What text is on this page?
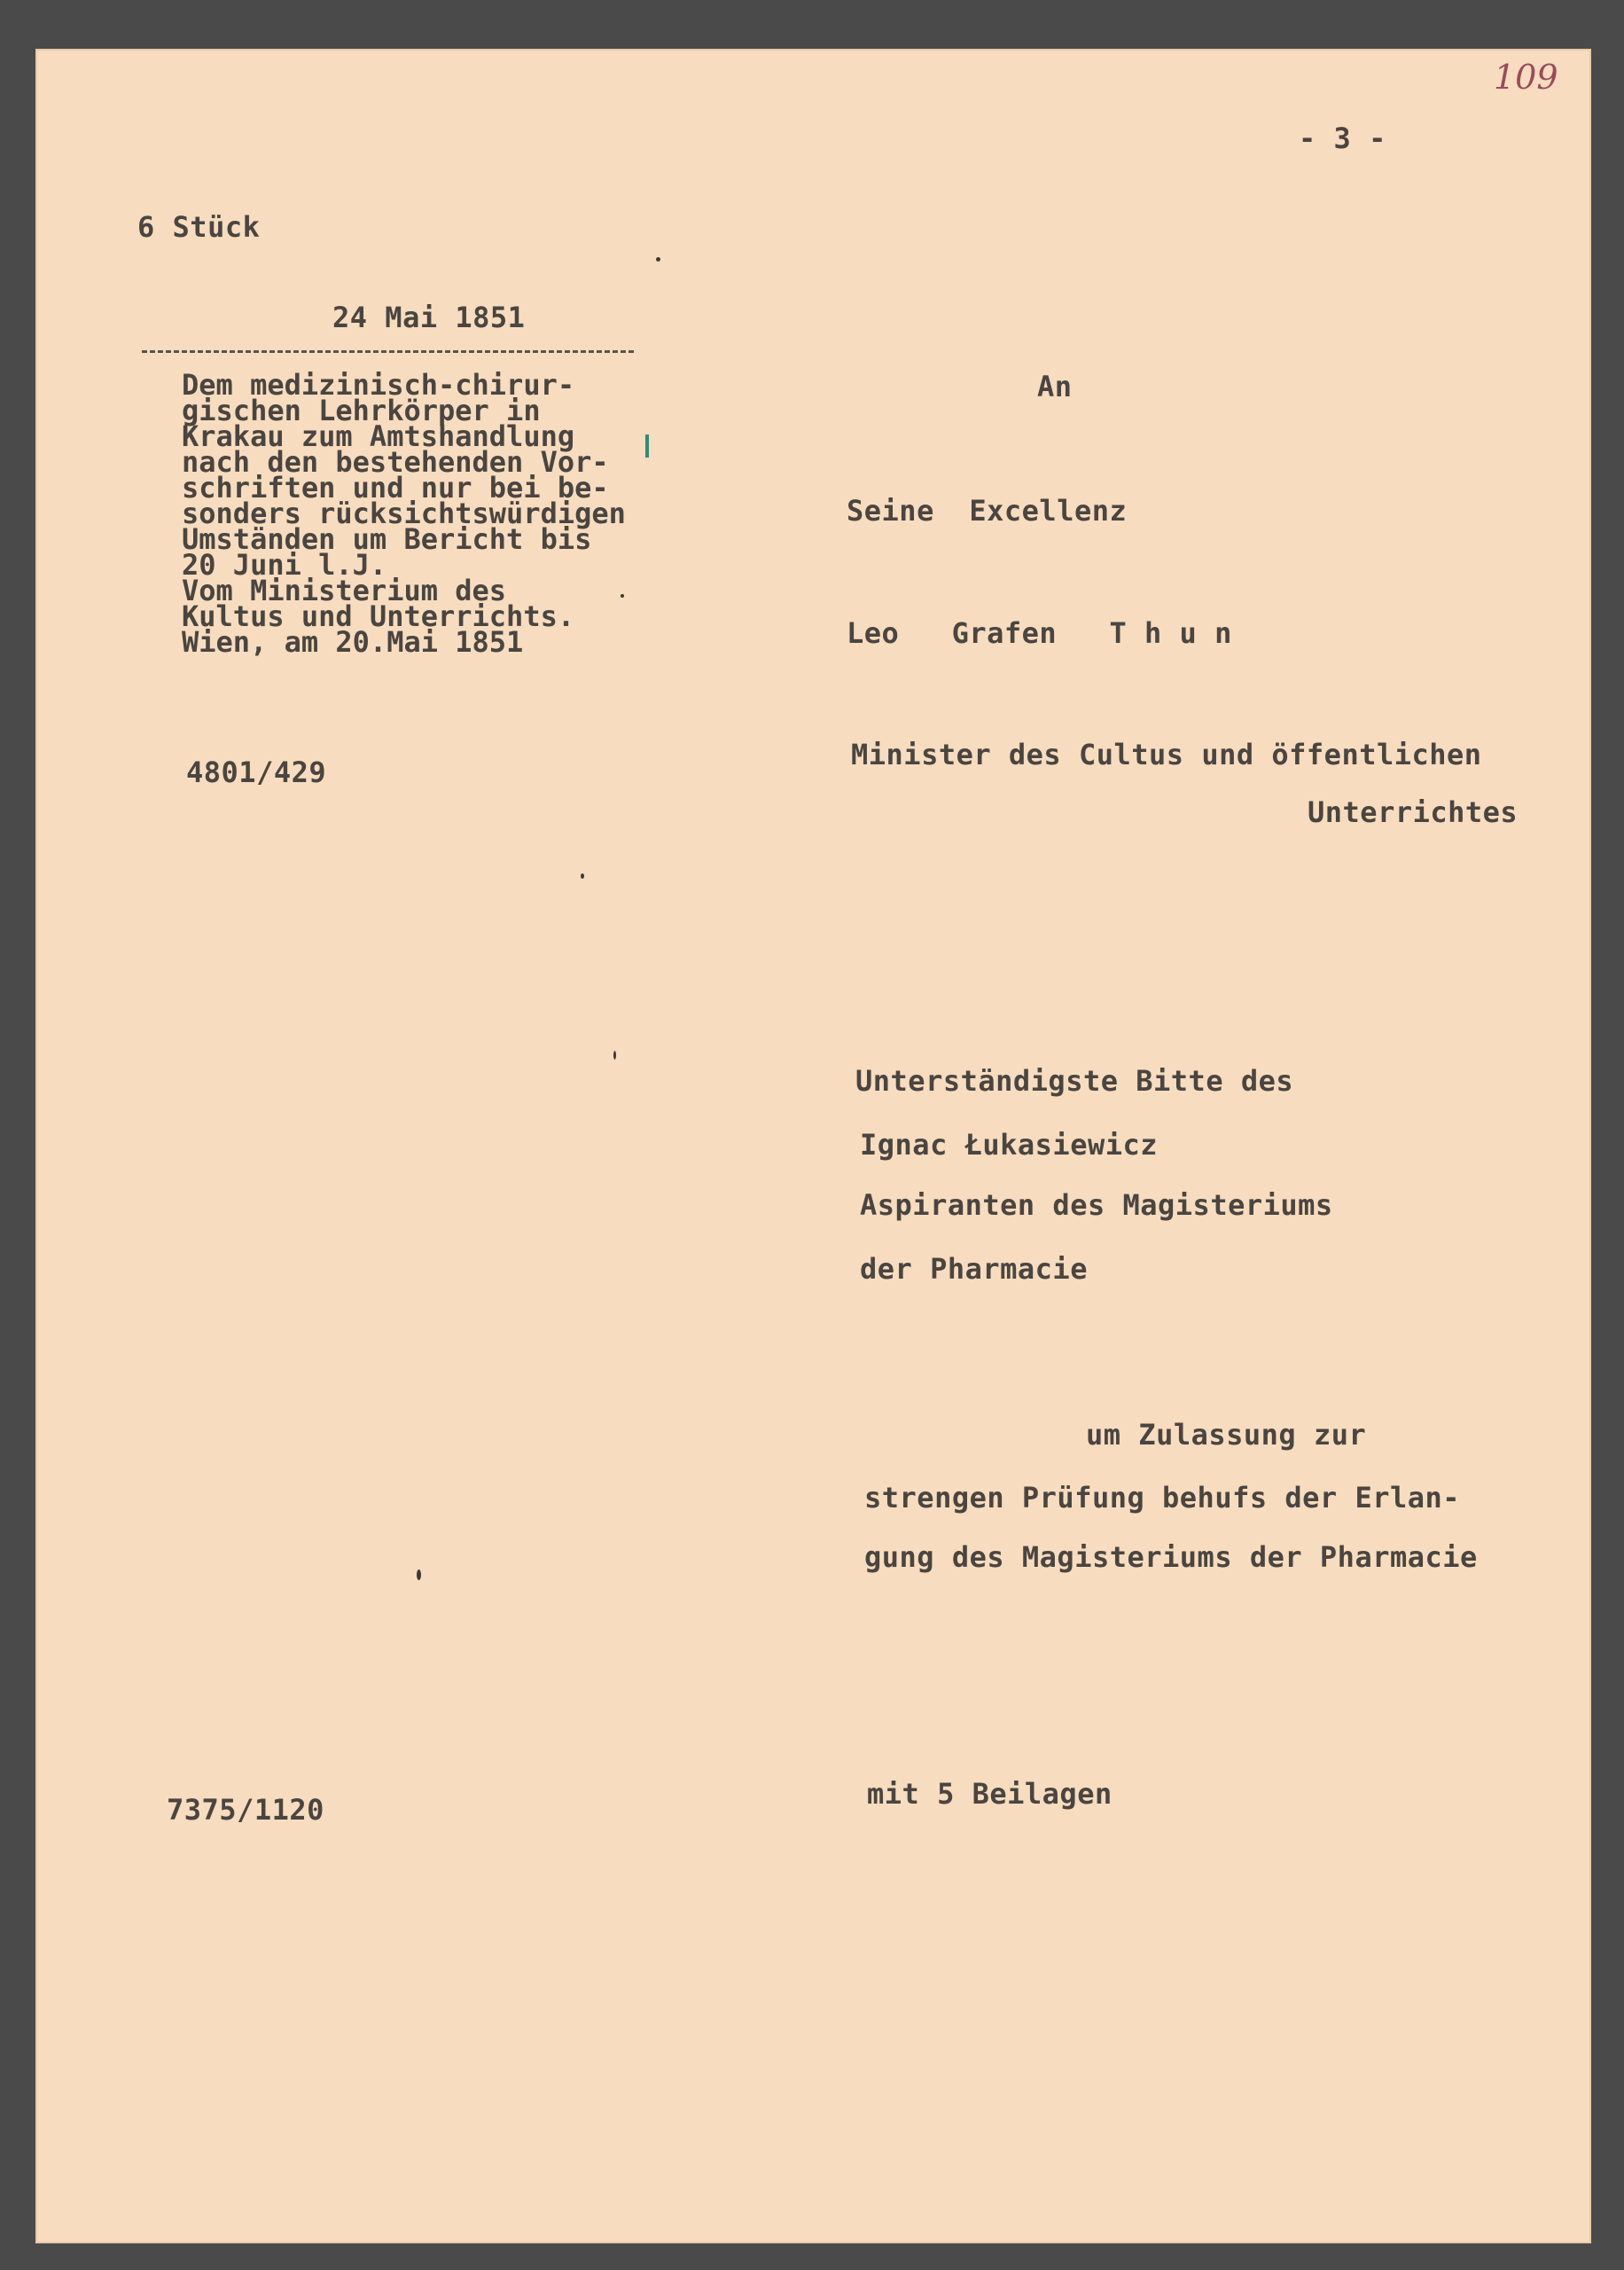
109
- 3 -
6 Stück
24 Mai 1851
Dem medizinisch-chirur-
gischen Lehrkörper in
Krakau zum Amtshandlung
nach den bestehenden Vor-
schriften und nur bei be-
sonders rücksichtswürdigen
Umständen um Bericht bis
20 Juni l.J.
Vom Ministerium des
Kultus und Unterrichts.
Wien, am 20.Mai 1851
4801/429
7375/1120
An
Seine  Excellenz
Leo   Grafen   T h u n
Minister des Cultus und öffentlichen
Unterrichtes
Unterständigste Bitte des
Ignac Łukasiewicz
Aspiranten des Magisteriums
der Pharmacie
um Zulassung zur
strengen Prüfung behufs der Erlan-
gung des Magisteriums der Pharmacie
mit 5 Beilagen
